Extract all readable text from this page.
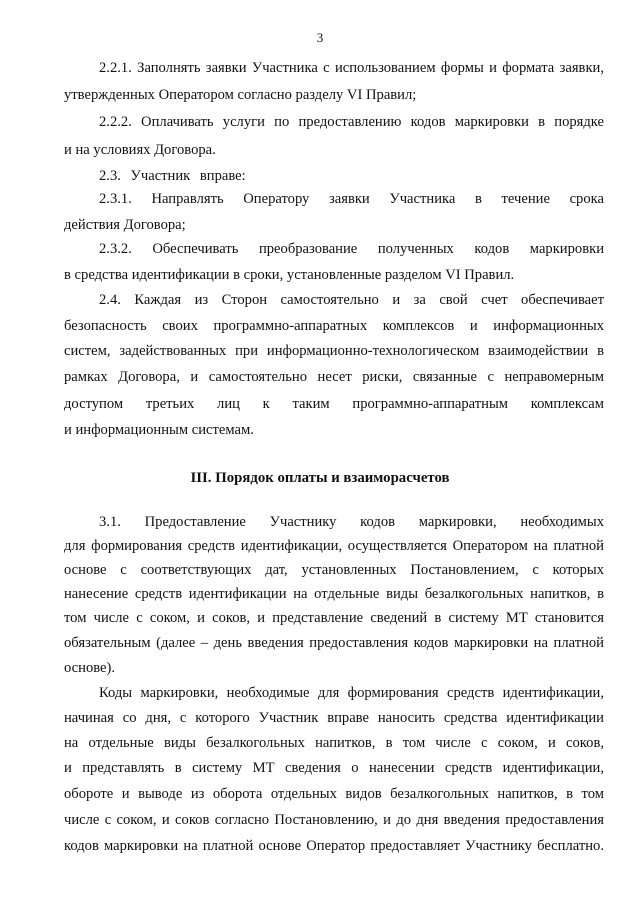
3
2.2.1. Заполнять заявки Участника с использованием формы и формата заявки,
утвержденных Оператором согласно разделу VI Правил;
2.2.2. Оплачивать услуги по предоставлению кодов маркировки в порядке
и на условиях Договора.
2.3. Участник вправе:
2.3.1. Направлять Оператору заявки Участника в течение срока
действия Договора;
2.3.2. Обеспечивать преобразование полученных кодов маркировки
в средства идентификации в сроки, установленные разделом VI Правил.
2.4. Каждая из Сторон самостоятельно и за свой счет обеспечивает
безопасность своих программно-аппаратных комплексов и информационных
систем, задействованных при информационно-технологическом взаимодействии в
рамках Договора, и самостоятельно несет риски, связанные с неправомерным
доступом третьих лиц к таким программно-аппаратным комплексам
и информационным системам.
III. Порядок оплаты и взаиморасчетов
3.1. Предоставление Участнику кодов маркировки, необходимых
для формирования средств идентификации, осуществляется Оператором на платной
основе с соответствующих дат, установленных Постановлением, с которых
нанесение средств идентификации на отдельные виды безалкогольных напитков, в
том числе с соком, и соков, и представление сведений в систему МТ становится
обязательным (далее – день введения предоставления кодов маркировки на платной
основе).
Коды маркировки, необходимые для формирования средств идентификации,
начиная со дня, с которого Участник вправе наносить средства идентификации
на отдельные виды безалкогольных напитков, в том числе с соком, и соков,
и представлять в систему МТ сведения о нанесении средств идентификации,
обороте и выводе из оборота отдельных видов безалкогольных напитков, в том
числе с соком, и соков согласно Постановлению, и до дня введения предоставления
кодов маркировки на платной основе Оператор предоставляет Участнику бесплатно.
